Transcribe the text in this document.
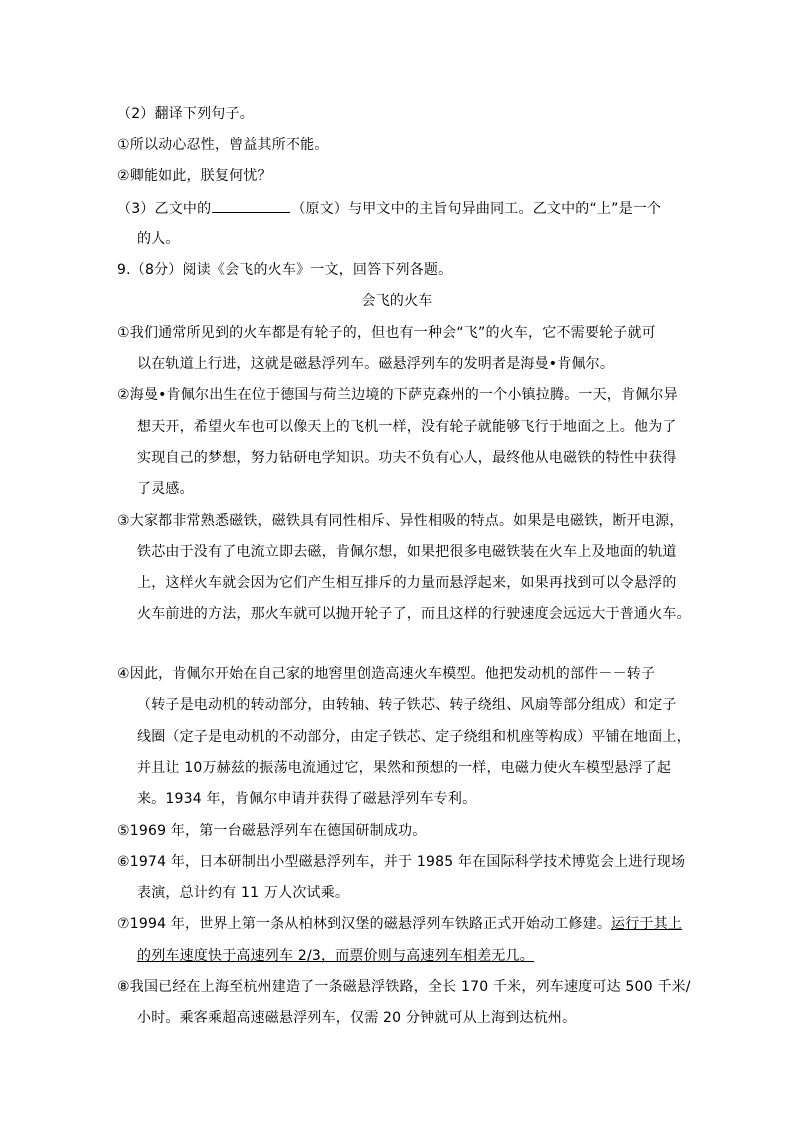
（2）翻译下列句子。
①所以动心忍性，曾益其所不能。
②卿能如此，朕复何忧？
（3）乙文中的	（原文）与甲文中的主旨句异曲同工。乙文中的“上”是一个
的人。
9.（8分）阅读《会飞的火车》一文，回答下列各题。
会飞的火车
①我们通常所见到的火车都是有轮子的，但也有一种会“飞”的火车，它不需要轮子就可
以在轨道上行进，这就是磁悬浮列车。磁悬浮列车的发明者是海曼•肯佩尔。
②海曼•肯佩尔出生在位于德国与荷兰边境的下萨克森州的一个小镇拉腾。一天，肯佩尔异
想天开，希望火车也可以像天上的飞机一样，没有轮子就能够飞行于地面之上。他为了
实现自己的梦想，努力钻研电学知识。功夫不负有心人，最终他从电磁铁的特性中获得
了灵感。
③大家都非常熟悉磁铁，磁铁具有同性相斥、异性相吸的特点。如果是电磁铁，断开电源，
铁芯由于没有了电流立即去磁，肯佩尔想，如果把很多电磁铁装在火车上及地面的轨道
上，这样火车就会因为它们产生相互排斥的力量而悬浮起来，如果再找到可以令悬浮的
火车前进的方法，那火车就可以抛开轮子了，而且这样的行驶速度会远远大于普通火车。
④因此，肯佩尔开始在自己家的地窖里创造高速火车模型。他把发动机的部件－－转子
（转子是电动机的转动部分，由转轴、转子铁芯、转子绕组、风扇等部分组成）和定子
线圈（定子是电动机的不动部分，由定子铁芯、定子绕组和机座等构成）平铺在地面上，
并且让 10万赫兹的振荡电流通过它，果然和预想的一样，电磁力使火车模型悬浮了起
来。1934 年，肯佩尔申请并获得了磁悬浮列车专利。
⑤1969 年，第一台磁悬浮列车在德国研制成功。
⑥1974 年，日本研制出小型磁悬浮列车，并于 1985 年在国际科学技术博览会上进行现场
表演，总计约有 11 万人次试乘。
⑦1994 年，世界上第一条从柏林到汉堡的磁悬浮列车铁路正式开始动工修建。运行于其上
的列车速度快于高速列车 2/3，而票价则与高速列车相差无几。
⑧我国已经在上海至杭州建造了一条磁悬浮铁路，全长 170 千米，列车速度可达 500 千米/
小时。乘客乘超高速磁悬浮列车，仅需 20 分钟就可从上海到达杭州。
